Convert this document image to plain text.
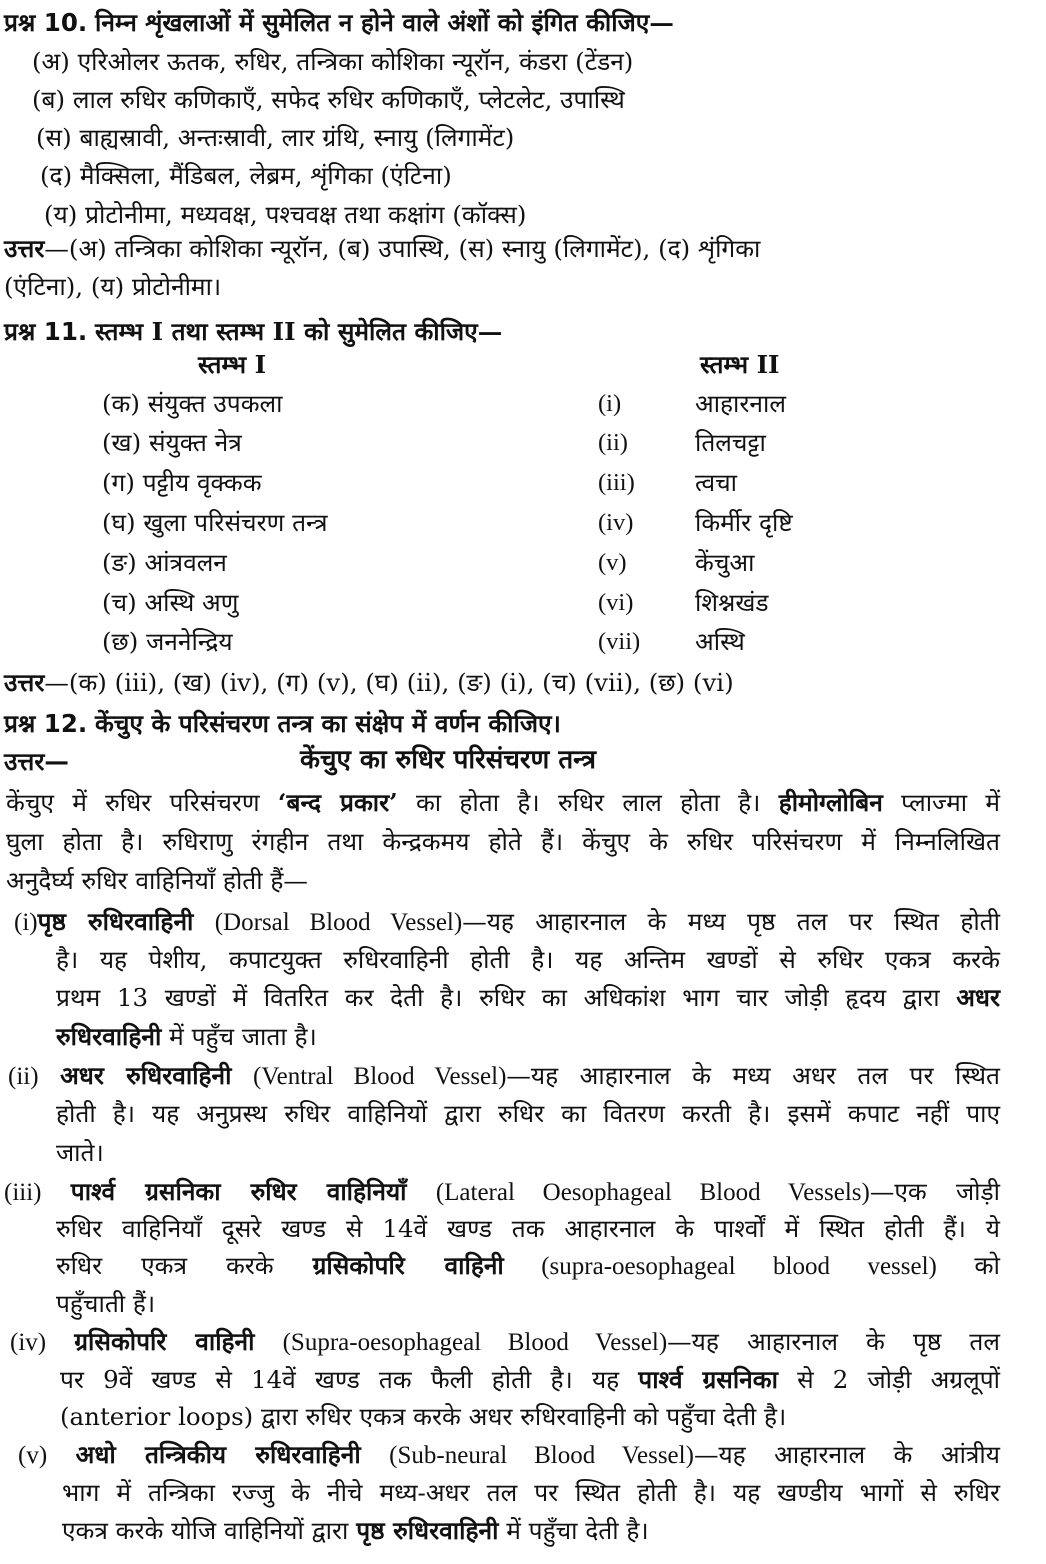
प्रश्न 10. निम्न शृंखलाओं में सुमेलित न होने वाले अंशों को इंगित कीजिए—
(अ) एरिओलर ऊतक, रुधिर, तन्त्रिका कोशिका न्यूरॉन, कंडरा (टेंडन)
(ब) लाल रुधिर कणिकाएँ, सफेद रुधिर कणिकाएँ, प्लेटलेट, उपास्थि
(स) बाह्यस्रावी, अन्तःस्रावी, लार ग्रंथि, स्नायु (लिगामेंट)
(द) मैक्सिला, मैंडिबल, लेब्रम, शृंगिका (एंटिना)
(य) प्रोटोनीमा, मध्यवक्ष, पश्चवक्ष तथा कक्षांग (कॉक्स)
उत्तर—(अ) तन्त्रिका कोशिका न्यूरॉन, (ब) उपास्थि, (स) स्नायु (लिगामेंट), (द) शृंगिका
(एंटिना), (य) प्रोटोनीमा।
प्रश्न 11. स्तम्भ I तथा स्तम्भ II को सुमेलित कीजिए—
स्तम्भ I	स्तम्भ II
(क) संयुक्त उपकला	(i)	आहारनाल
(ख) संयुक्त नेत्र	(ii)	तिलचट्टा
(ग) पट्टीय वृक्कक	(iii) त्वचा
(घ) खुला परिसंचरण तन्त्र	(iv)	किर्मीर दृष्टि
(ङ) आंत्रवलन	(v)	केंचुआ
(च) अस्थि अणु	(vi)	शिश्नखंड
(छ) जननेन्द्रिय	(vii) अस्थि
उत्तर—(क) (iii), (ख) (iv), (ग) (v), (घ) (ii), (ङ) (i), (च) (vii), (छ) (vi)
प्रश्न 12. केंचुए के परिसंचरण तन्त्र का संक्षेप में वर्णन कीजिए।
उत्तर—	केंचुए का रुधिर परिसंचरण तन्त्र
केंचुए में रुधिर परिसंचरण ‘बन्द प्रकार’ का होता है। रुधिर लाल होता है। हीमोग्लोबिन प्लाज्मा में
घुला होता है। रुधिराणु रंगहीन तथा केन्द्रकमय होते हैं। केंचुए के रुधिर परिसंचरण में निम्नलिखित
अनुदैर्घ्य रुधिर वाहिनियाँ होती हैं—
(i)पृष्ठ रुधिरवाहिनी (Dorsal Blood Vessel)—यह आहारनाल के मध्य पृष्ठ तल पर स्थित होती
है। यह पेशीय, कपाटयुक्त रुधिरवाहिनी होती है। यह अन्तिम खण्डों से रुधिर एकत्र करके
प्रथम 13 खण्डों में वितरित कर देती है। रुधिर का अधिकांश भाग चार जोड़ी हृदय द्वारा अधर
रुधिरवाहिनी में पहुँच जाता है।
(ii) अधर रुधिरवाहिनी (Ventral Blood Vessel)—यह आहारनाल के मध्य अधर तल पर स्थित
होती है। यह अनुप्रस्थ रुधिर वाहिनियों द्वारा रुधिर का वितरण करती है। इसमें कपाट नहीं पाए
जाते।
(iii) पार्श्व ग्रसनिका रुधिर वाहिनियाँ (Lateral Oesophageal Blood Vessels)—एक जोड़ी
रुधिर वाहिनियाँ दूसरे खण्ड से 14वें खण्ड तक आहारनाल के पार्श्वों में स्थित होती हैं। ये
रुधिर एकत्र करके ग्रसिकोपरि वाहिनी (supra-oesophageal blood vessel) को
पहुँचाती हैं।
(iv) ग्रसिकोपरि वाहिनी (Supra-oesophageal Blood Vessel)—यह आहारनाल के पृष्ठ तल
पर 9वें खण्ड से 14वें खण्ड तक फैली होती है। यह पार्श्व ग्रसनिका से 2 जोड़ी अग्रलूपों
(anterior loops) द्वारा रुधिर एकत्र करके अधर रुधिरवाहिनी को पहुँचा देती है।
(v) अधो तन्त्रिकीय रुधिरवाहिनी (Sub-neural Blood Vessel)—यह आहारनाल के आंत्रीय
भाग में तन्त्रिका रज्जु के नीचे मध्य-अधर तल पर स्थित होती है। यह खण्डीय भागों से रुधिर
एकत्र करके योजि वाहिनियों द्वारा पृष्ठ रुधिरवाहिनी में पहुँचा देती है।
